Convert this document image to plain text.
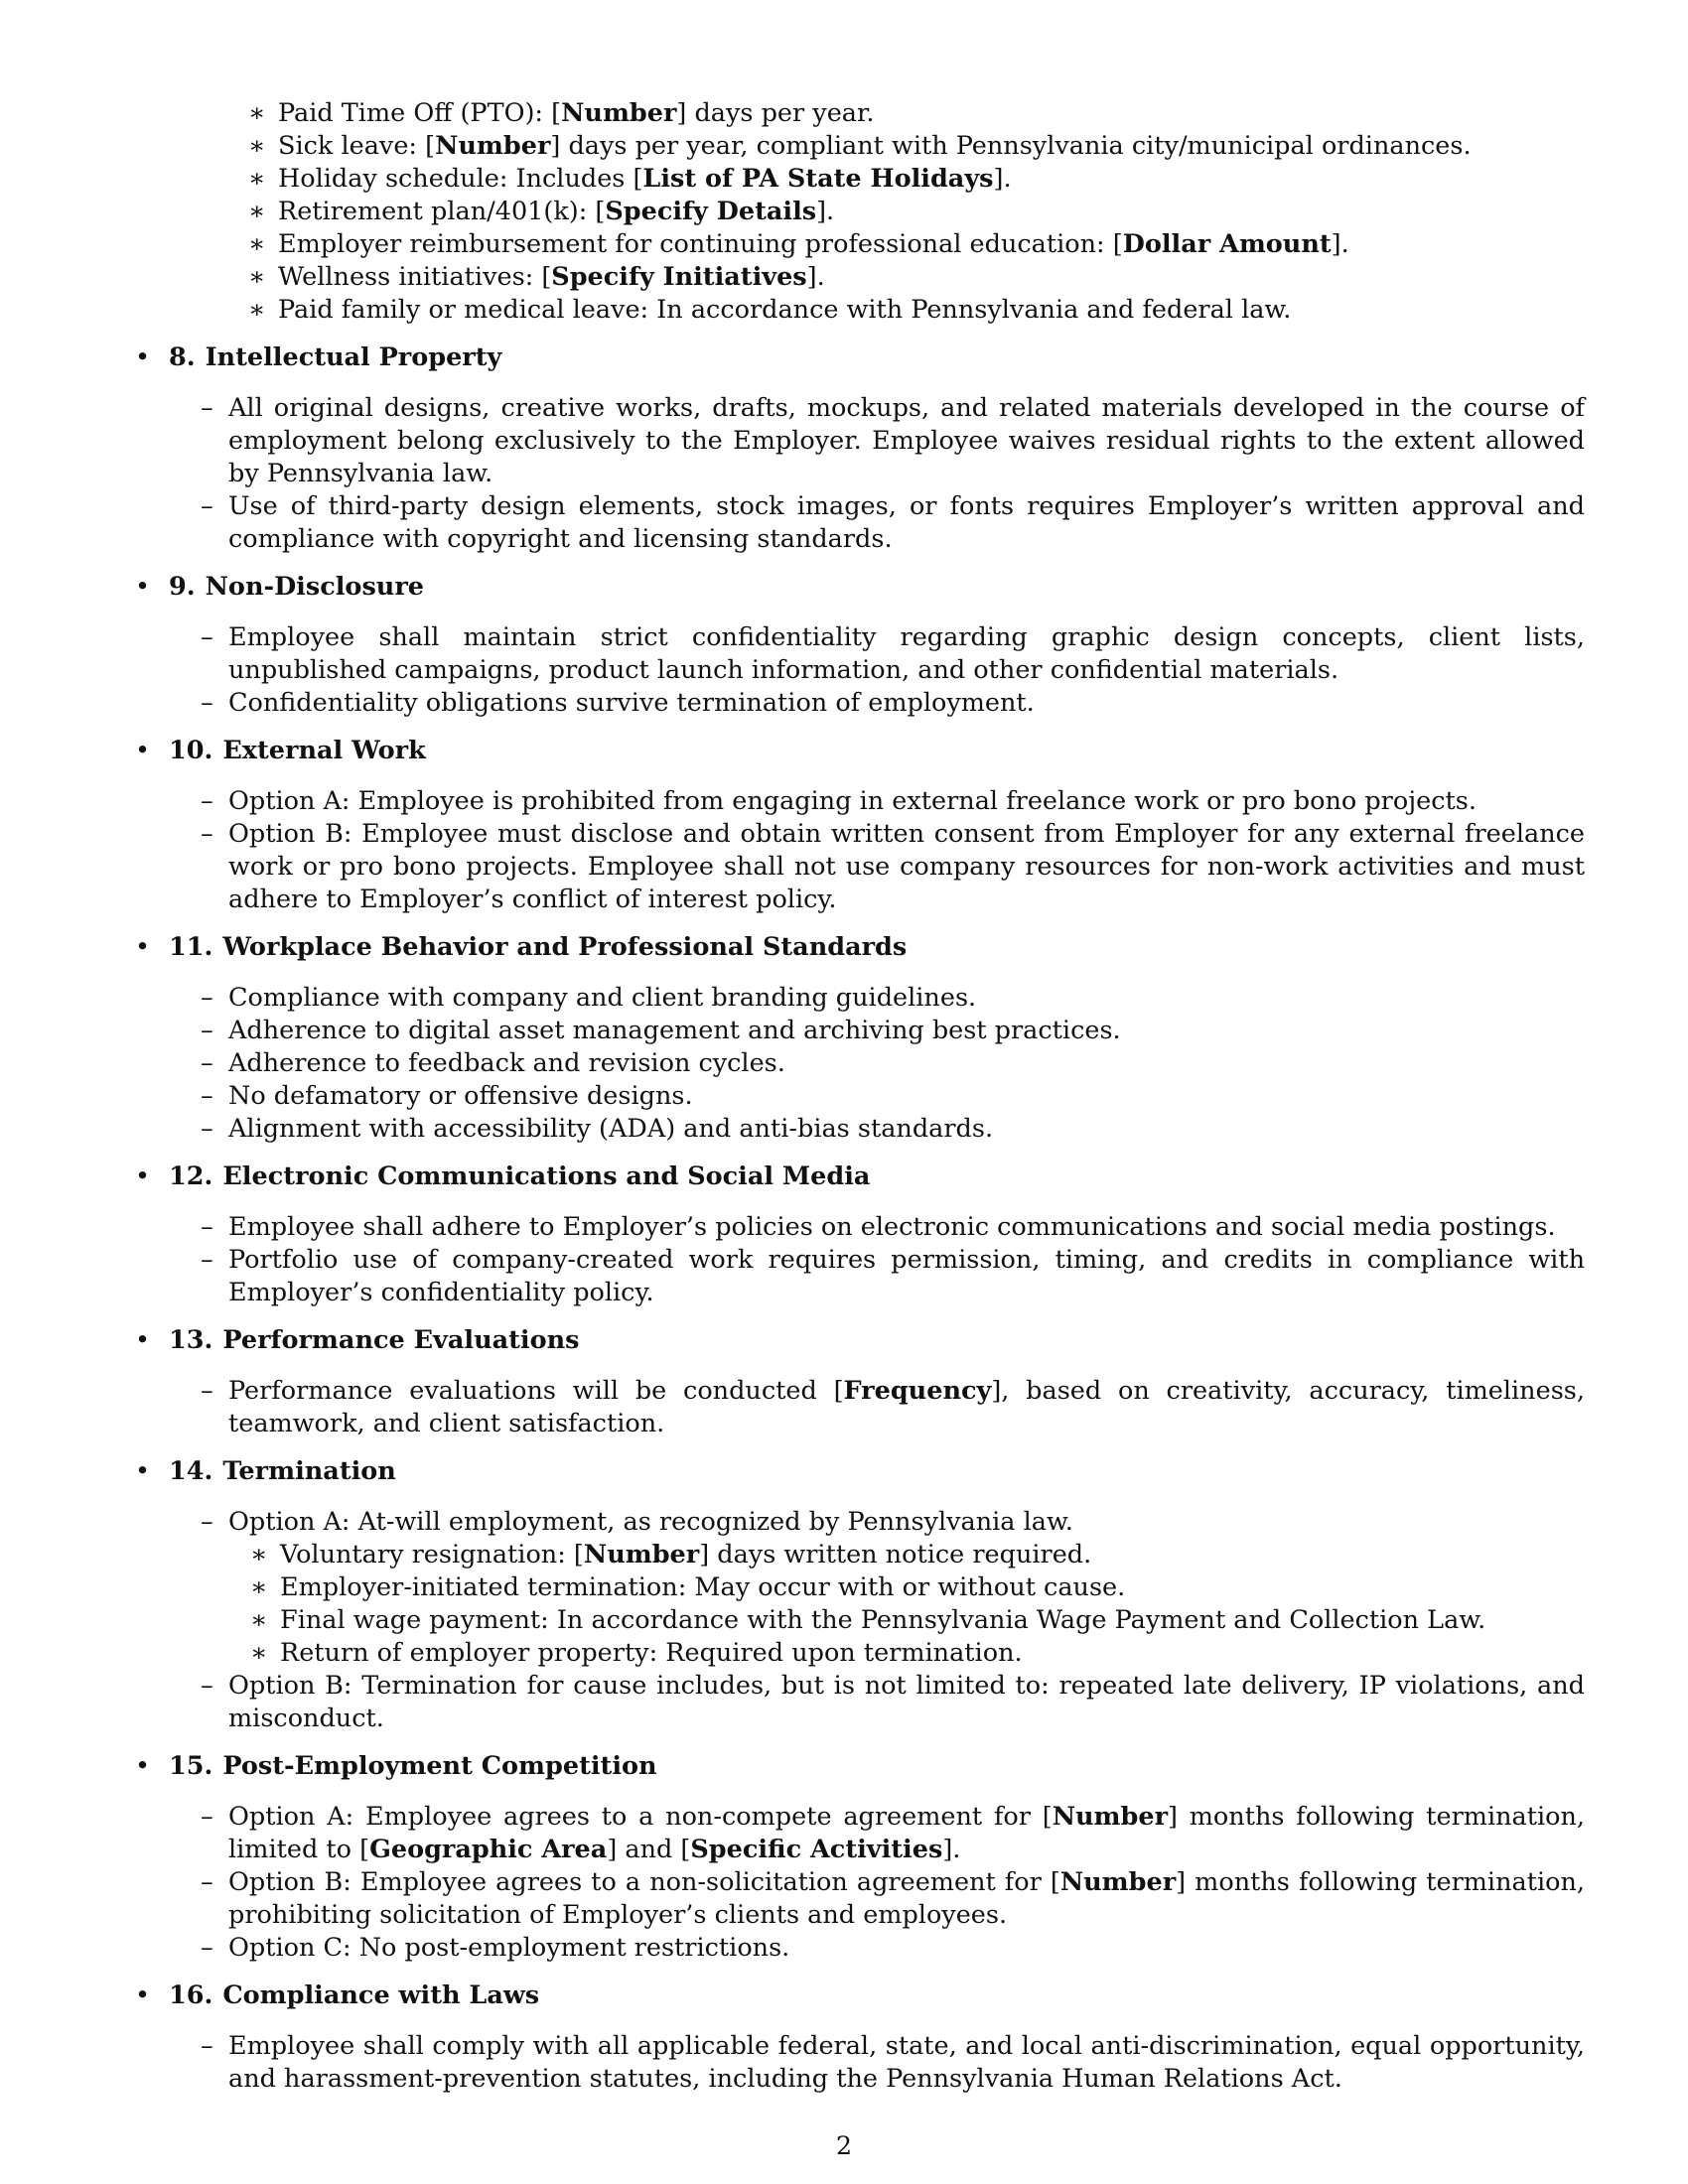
∗ Paid Time Off (PTO): [Number] days per year.
∗ Sick leave: [Number] days per year, compliant with Pennsylvania city/municipal ordinances.
∗ Holiday schedule: Includes [List of PA State Holidays].
∗ Retirement plan/401(k): [Specify Details].
∗ Employer reimbursement for continuing professional education: [Dollar Amount].
∗ Wellness initiatives: [Specify Initiatives].
∗ Paid family or medical leave: In accordance with Pennsylvania and federal law.

• 8. Intellectual Property

– All original designs, creative works, drafts, mockups, and related materials developed in the course of employment belong exclusively to the Employer. Employee waives residual rights to the extent allowed by Pennsylvania law.
– Use of third-party design elements, stock images, or fonts requires Employer’s written approval and compliance with copyright and licensing standards.

• 9. Non-Disclosure

– Employee shall maintain strict confidentiality regarding graphic design concepts, client lists, unpublished campaigns, product launch information, and other confidential materials.
– Confidentiality obligations survive termination of employment.

• 10. External Work

– Option A: Employee is prohibited from engaging in external freelance work or pro bono projects.
– Option B: Employee must disclose and obtain written consent from Employer for any external freelance work or pro bono projects. Employee shall not use company resources for non-work activities and must adhere to Employer’s conflict of interest policy.

• 11. Workplace Behavior and Professional Standards

– Compliance with company and client branding guidelines.
– Adherence to digital asset management and archiving best practices.
– Adherence to feedback and revision cycles.
– No defamatory or offensive designs.
– Alignment with accessibility (ADA) and anti-bias standards.

• 12. Electronic Communications and Social Media

– Employee shall adhere to Employer’s policies on electronic communications and social media postings.
– Portfolio use of company-created work requires permission, timing, and credits in compliance with Employer’s confidentiality policy.

• 13. Performance Evaluations

– Performance evaluations will be conducted [Frequency], based on creativity, accuracy, timeliness, teamwork, and client satisfaction.

• 14. Termination

– Option A: At-will employment, as recognized by Pennsylvania law.
∗ Voluntary resignation: [Number] days written notice required.
∗ Employer-initiated termination: May occur with or without cause.
∗ Final wage payment: In accordance with the Pennsylvania Wage Payment and Collection Law.
∗ Return of employer property: Required upon termination.
– Option B: Termination for cause includes, but is not limited to: repeated late delivery, IP violations, and misconduct.

• 15. Post-Employment Competition

– Option A: Employee agrees to a non-compete agreement for [Number] months following termination, limited to [Geographic Area] and [Specific Activities].
– Option B: Employee agrees to a non-solicitation agreement for [Number] months following termination, prohibiting solicitation of Employer’s clients and employees.
– Option C: No post-employment restrictions.

• 16. Compliance with Laws

– Employee shall comply with all applicable federal, state, and local anti-discrimination, equal opportunity, and harassment-prevention statutes, including the Pennsylvania Human Relations Act.
2
